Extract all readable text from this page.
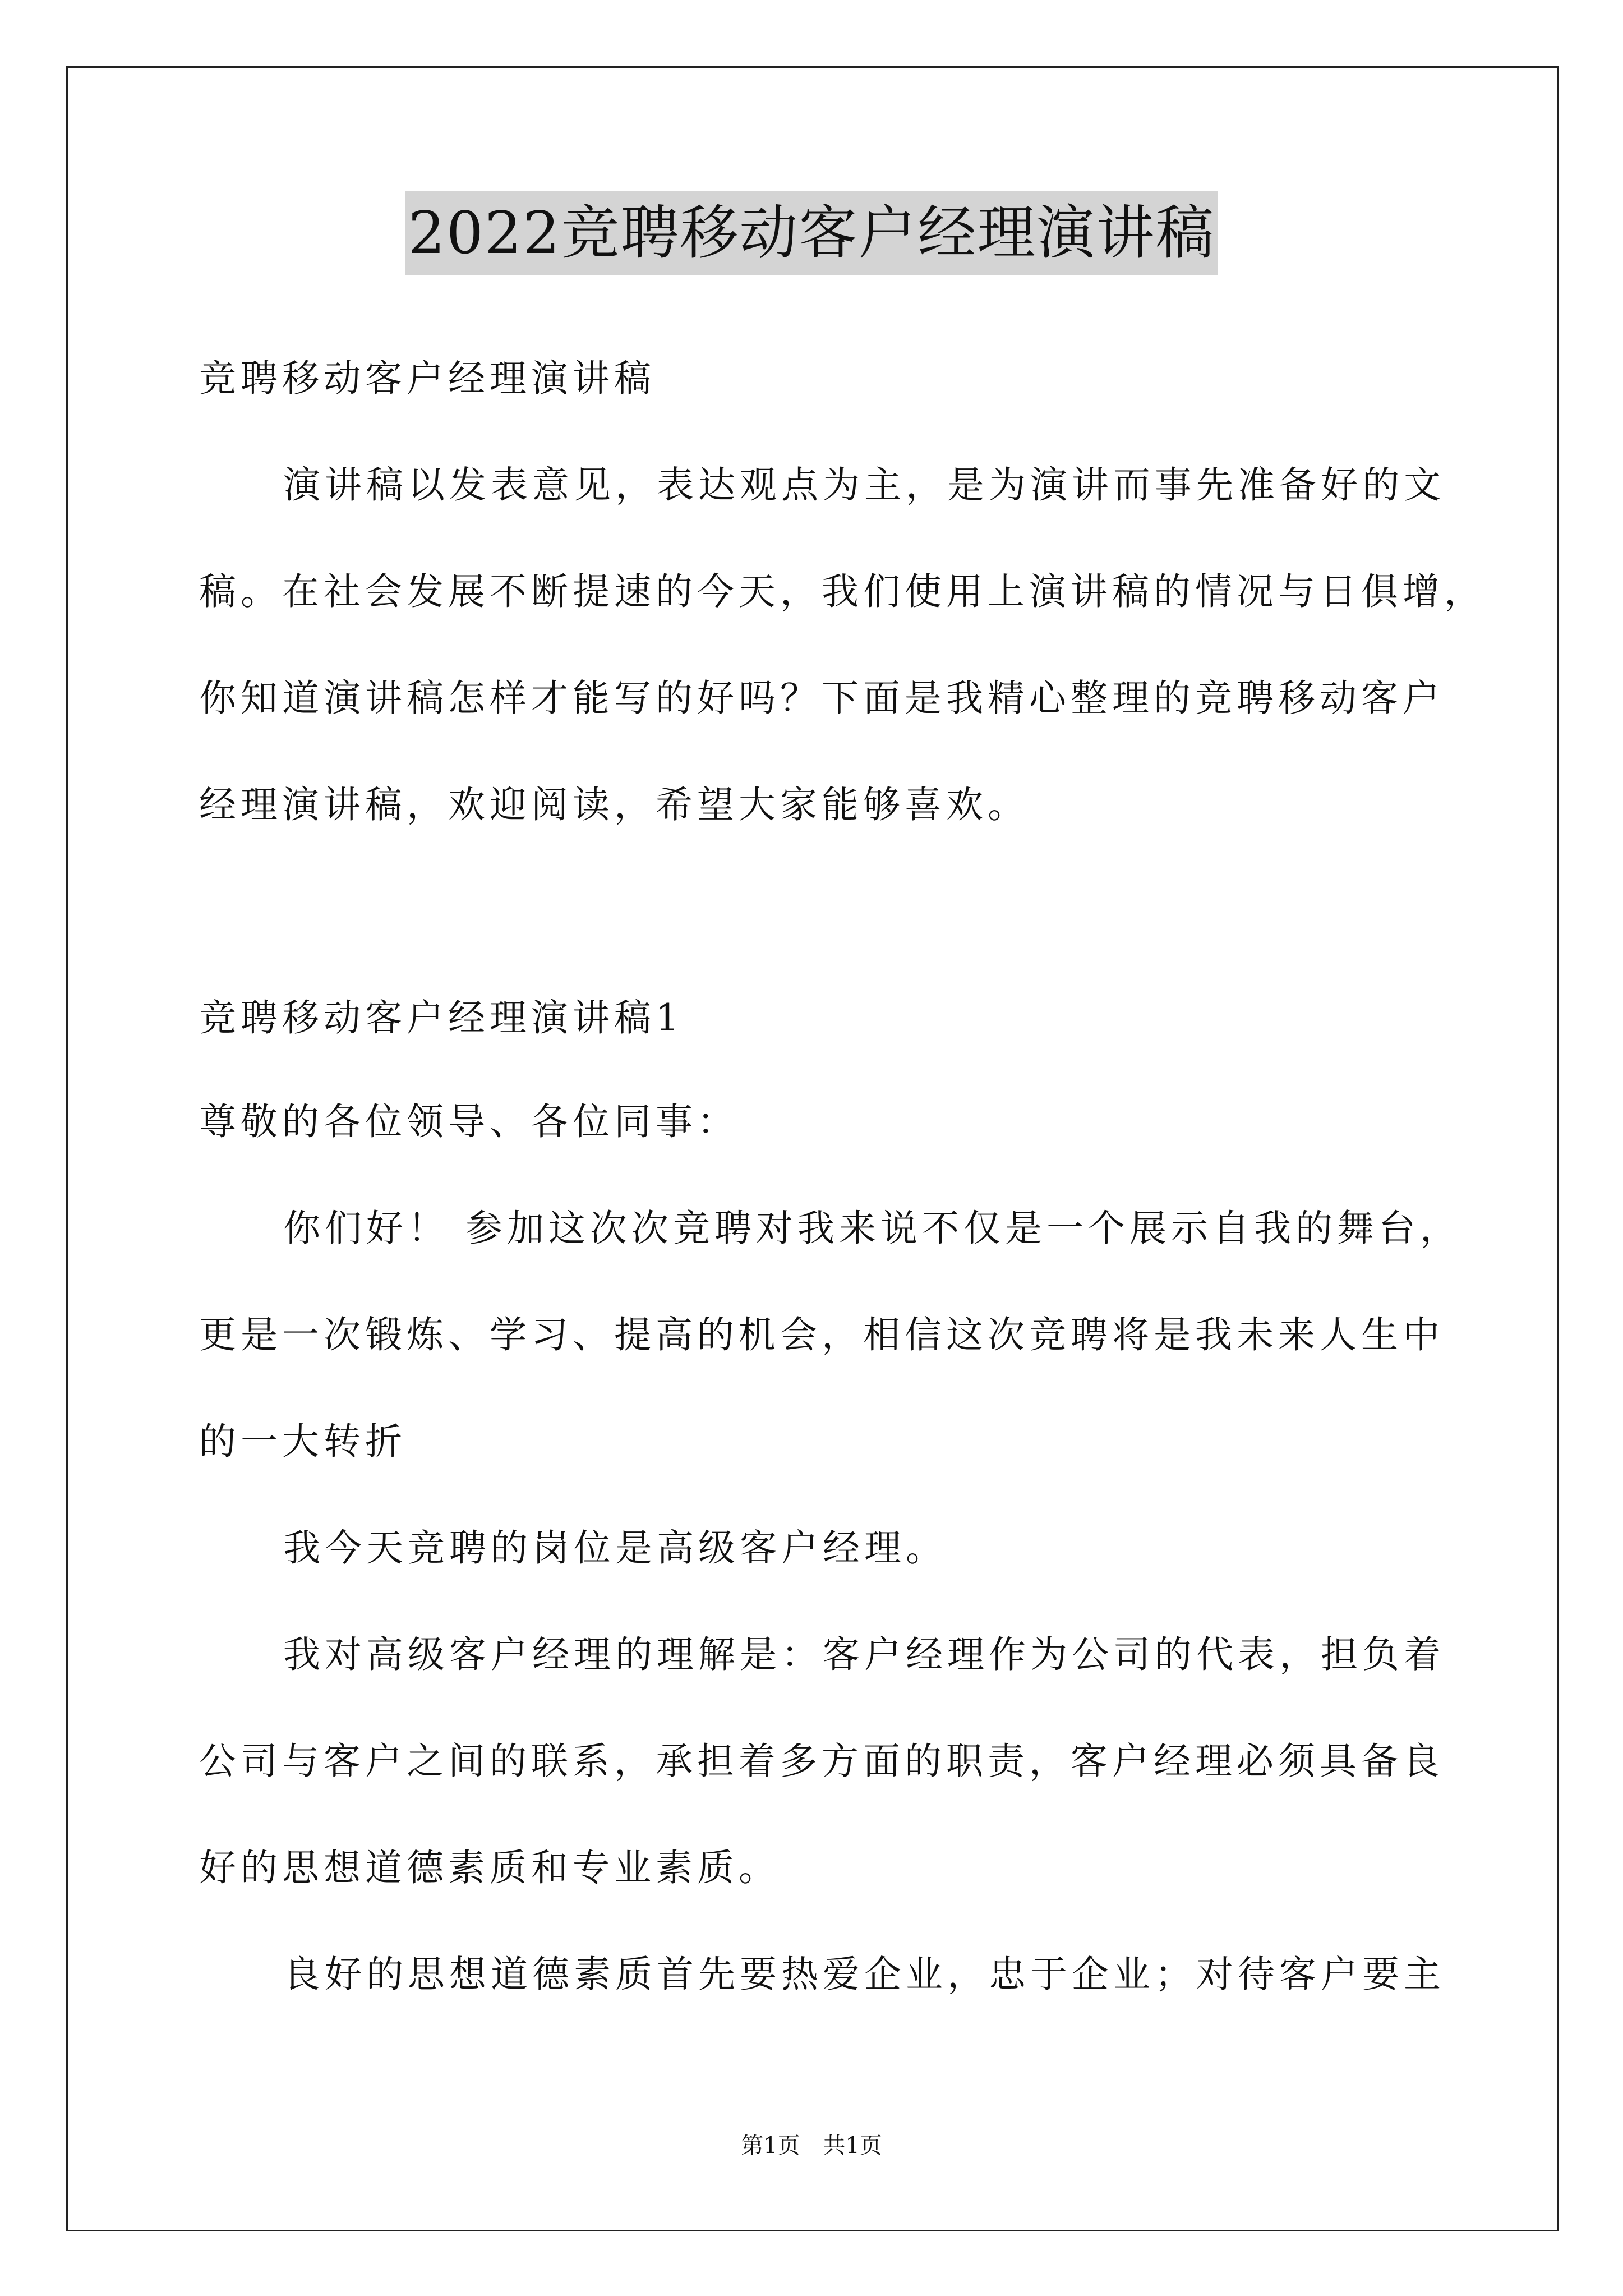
2022竞聘移动客户经理演讲稿
竞聘移动客户经理演讲稿
演讲稿以发表意见，表达观点为主，是为演讲而事先准备好的文
稿。在社会发展不断提速的今天，我们使用上演讲稿的情况与日俱增，
你知道演讲稿怎样才能写的好吗？下面是我精心整理的竞聘移动客户
经理演讲稿，欢迎阅读，希望大家能够喜欢。
竞聘移动客户经理演讲稿1
尊敬的各位领导、各位同事：
你们好！ 参加这次次竞聘对我来说不仅是一个展示自我的舞台，
更是一次锻炼、学习、提高的机会，相信这次竞聘将是我未来人生中
的一大转折
我今天竞聘的岗位是高级客户经理。
我对高级客户经理的理解是：客户经理作为公司的代表，担负着
公司与客户之间的联系，承担着多方面的职责，客户经理必须具备良
好的思想道德素质和专业素质。
良好的思想道德素质首先要热爱企业，忠于企业；对待客户要主
第1页 共1页
